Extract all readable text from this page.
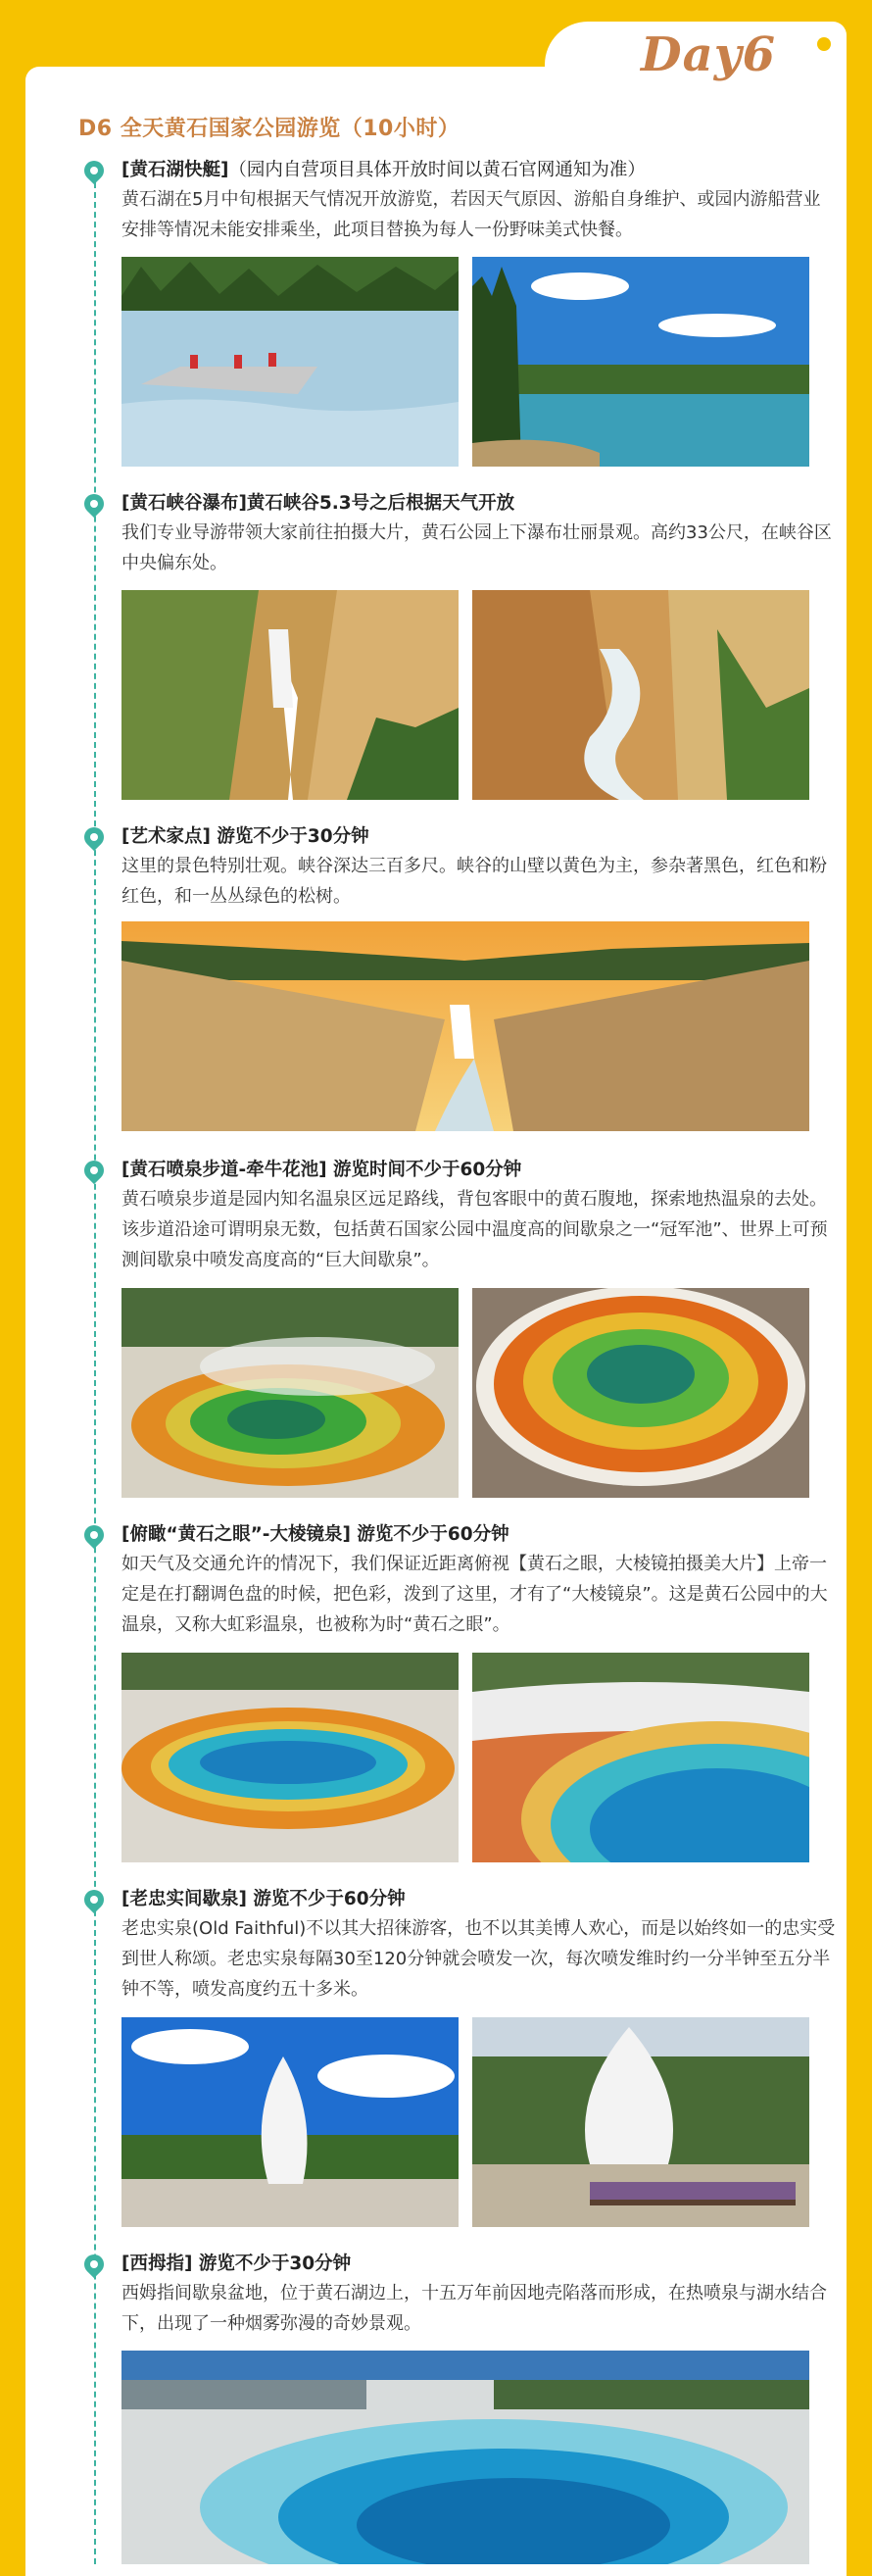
Day6
D6 全天黄石国家公园游览（10小时）
[黄石湖快艇]（园内自营项目具体开放时间以黄石官网通知为准）
黄石湖在5月中旬根据天气情况开放游览，若因天气原因、游船自身维护、或园内游船营业安排等情况未能安排乘坐，此项目替换为每人一份野味美式快餐。
[黄石峡谷瀑布]黄石峡谷5.3号之后根据天气开放
我们专业导游带领大家前往拍摄大片，黄石公园上下瀑布壮丽景观。高约33公尺，在峡谷区中央偏东处。
[艺术家点] 游览不少于30分钟
这里的景色特别壮观。峡谷深达三百多尺。峡谷的山壁以黄色为主，参杂著黑色，红色和粉红色，和一丛丛绿色的松树。
[黄石喷泉步道-牵牛花池] 游览时间不少于60分钟
黄石喷泉步道是园内知名温泉区远足路线，背包客眼中的黄石腹地，探索地热温泉的去处。该步道沿途可谓明泉无数，包括黄石国家公园中温度高的间歇泉之一“冠军池”、世界上可预测间歇泉中喷发高度高的“巨大间歇泉”。
[俯瞰“黄石之眼”-大棱镜泉] 游览不少于60分钟
如天气及交通允许的情况下，我们保证近距离俯视【黄石之眼，大棱镜拍摄美大片】上帝一定是在打翻调色盘的时候，把色彩，泼到了这里，才有了“大棱镜泉”。这是黄石公园中的大温泉，又称大虹彩温泉，也被称为时“黄石之眼”。
[老忠实间歇泉] 游览不少于60分钟
老忠实泉(Old Faithful)不以其大招徕游客，也不以其美博人欢心，而是以始终如一的忠实受到世人称颂。老忠实泉每隔30至120分钟就会喷发一次，每次喷发维时约一分半钟至五分半钟不等，喷发高度约五十多米。
[西拇指] 游览不少于30分钟
西姆指间歇泉盆地，位于黄石湖边上，十五万年前因地壳陷落而形成，在热喷泉与湖水结合下，出现了一种烟雾弥漫的奇妙景观。
